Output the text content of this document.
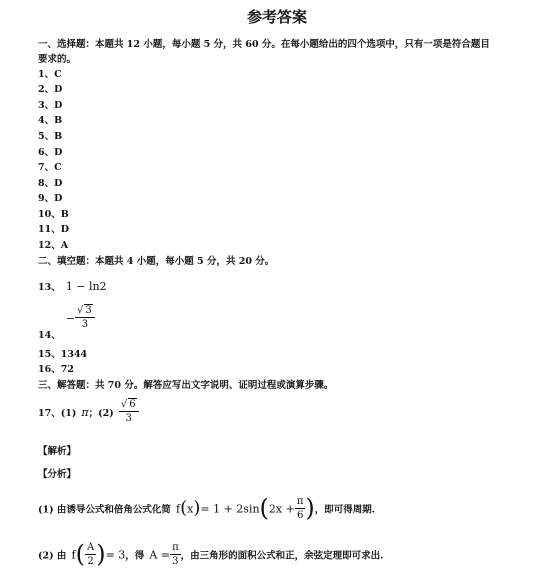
参考答案
一、选择题：本题共 12 小题，每小题 5 分，共 60 分。在每小题给出的四个选项中，只有一项是符合题目
要求的。
1、C
2、D
3、D
4、B
5、B
6、D
7、C
8、D
9、D
10、B
11、D
12、A
二、填空题：本题共 4 小题，每小题 5 分，共 20 分。
13、 1 − ln2
$_{14、} - \frac{√ 3}{3}$
15、1344
16、72
三、解答题：共 70 分。解答应写出文字说明、证明过程或演算步骤。
17、(1) π；$(2) \frac{√ 6}{3}$
【解析】
【分析】
(1) 由诱导公式和倍角公式化简 $f(x)= 1 + 2\sin(2x + \frac{\pi}{6}$ )，即可得周期.
(2) 由 $f( \frac{A}{2}$ )= 3，得 $A = \frac{\pi}{3}$ ，由三角形的面积公式和正，余弦定理即可求出.
